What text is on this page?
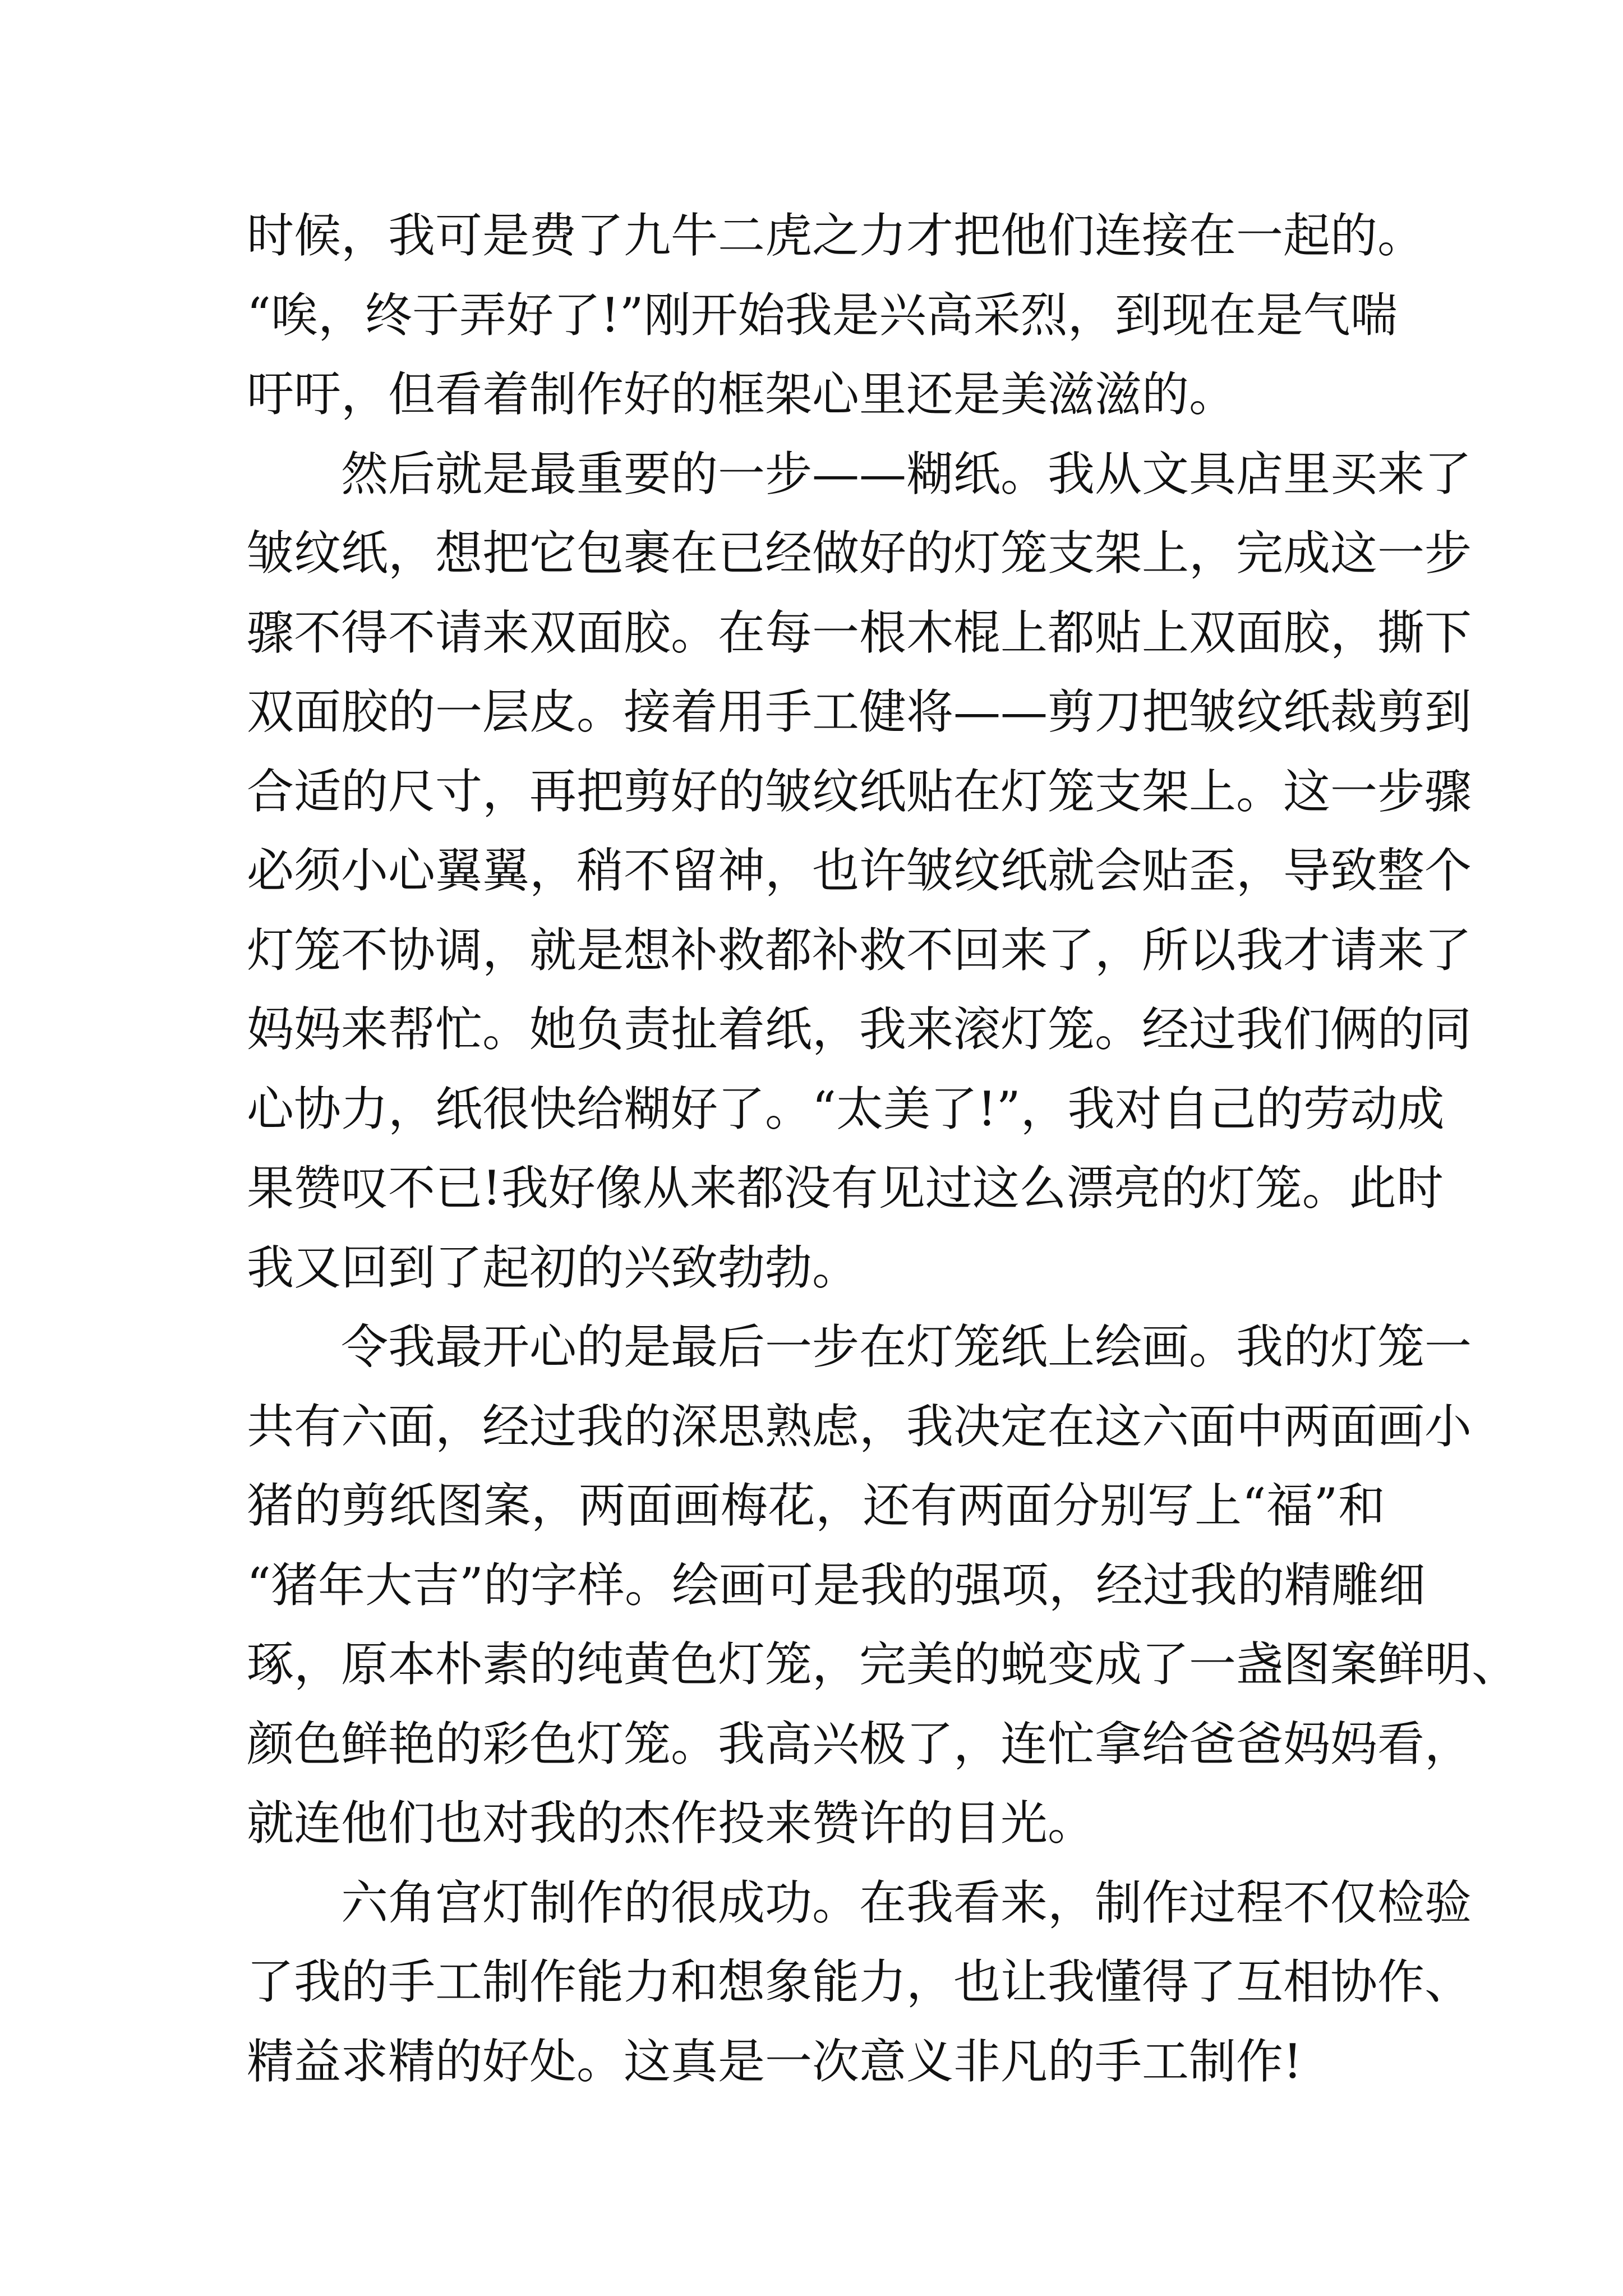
时候，我可是费了九牛二虎之力才把他们连接在一起的。
“唉，终于弄好了!”刚开始我是兴高采烈，到现在是气喘
吁吁，但看着制作好的框架心里还是美滋滋的。
　　然后就是最重要的一步——糊纸。我从文具店里买来了
皱纹纸，想把它包裹在已经做好的灯笼支架上，完成这一步
骤不得不请来双面胶。在每一根木棍上都贴上双面胶，撕下
双面胶的一层皮。接着用手工健将——剪刀把皱纹纸裁剪到
合适的尺寸，再把剪好的皱纹纸贴在灯笼支架上。这一步骤
必须小心翼翼，稍不留神，也许皱纹纸就会贴歪，导致整个
灯笼不协调，就是想补救都补救不回来了，所以我才请来了
妈妈来帮忙。她负责扯着纸，我来滚灯笼。经过我们俩的同
心协力，纸很快给糊好了。“太美了!”，我对自己的劳动成
果赞叹不已!我好像从来都没有见过这么漂亮的灯笼。此时
我又回到了起初的兴致勃勃。
　　令我最开心的是最后一步在灯笼纸上绘画。我的灯笼一
共有六面，经过我的深思熟虑，我决定在这六面中两面画小
猪的剪纸图案，两面画梅花，还有两面分别写上“福”和
“猪年大吉”的字样。绘画可是我的强项，经过我的精雕细
琢，原本朴素的纯黄色灯笼，完美的蜕变成了一盏图案鲜明、
颜色鲜艳的彩色灯笼。我高兴极了，连忙拿给爸爸妈妈看，
就连他们也对我的杰作投来赞许的目光。
　　六角宫灯制作的很成功。在我看来，制作过程不仅检验
了我的手工制作能力和想象能力，也让我懂得了互相协作、
精益求精的好处。这真是一次意义非凡的手工制作!
